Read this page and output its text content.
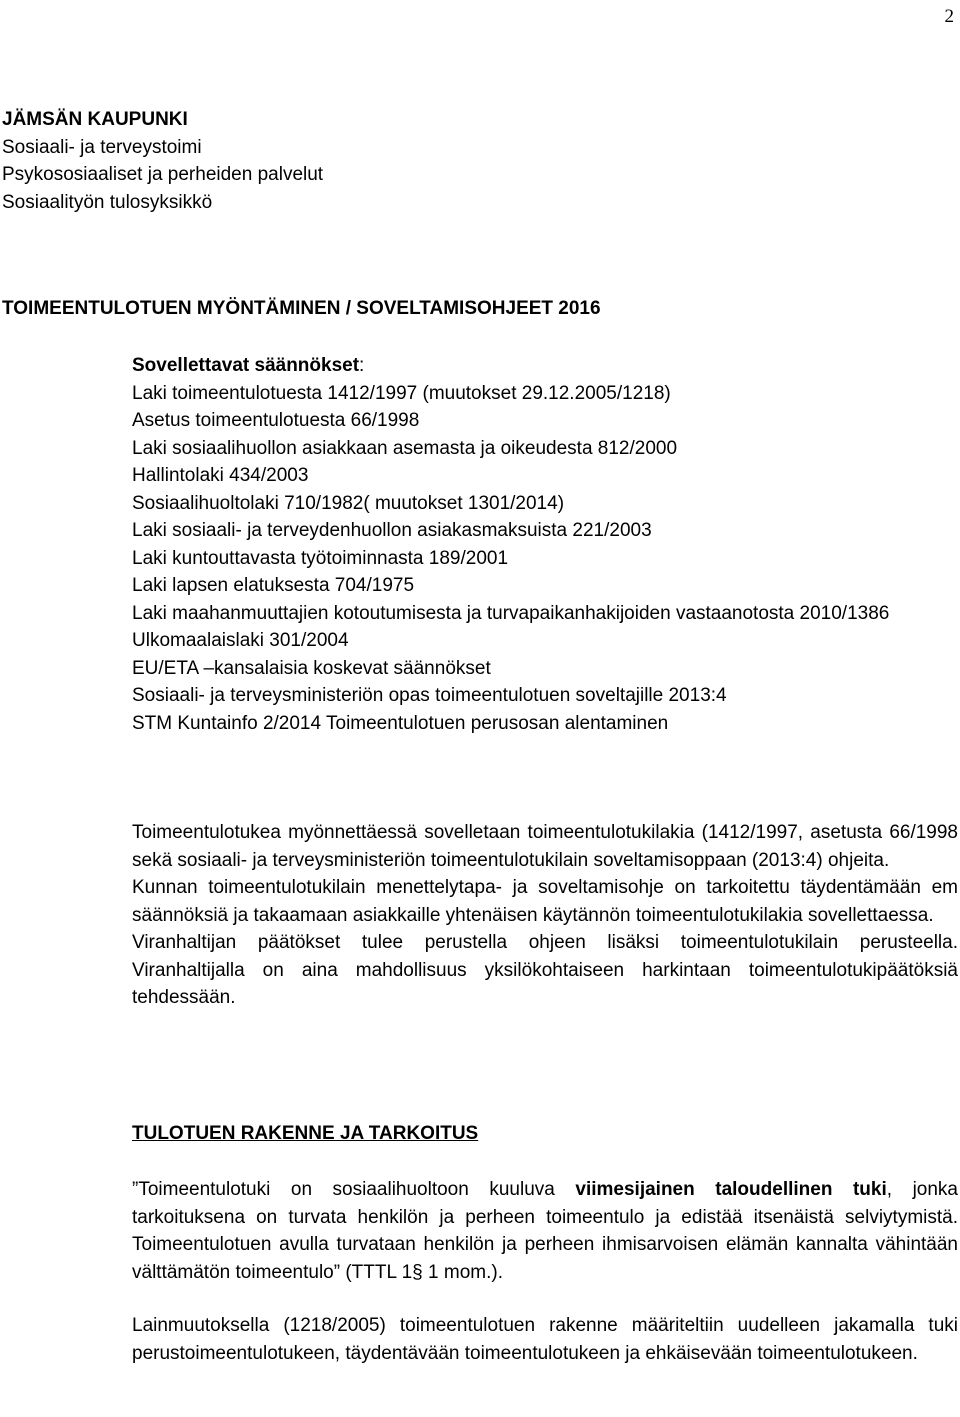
2
JÄMSÄN KAUPUNKI
Sosiaali- ja terveystoimi
Psykososiaaliset ja perheiden palvelut
Sosiaalityön tulosyksikkö
TOIMEENTULOTUEN MYÖNTÄMINEN / SOVELTAMISOHJEET 2016
Sovellettavat säännökset:
Laki toimeentulotuesta 1412/1997 (muutokset 29.12.2005/1218)
Asetus toimeentulotuesta 66/1998
Laki sosiaalihuollon asiakkaan asemasta ja oikeudesta 812/2000
Hallintolaki 434/2003
Sosiaalihuoltolaki 710/1982( muutokset 1301/2014)
Laki sosiaali- ja terveydenhuollon asiakasmaksuista 221/2003
Laki kuntouttavasta työtoiminnasta 189/2001
Laki lapsen elatuksesta 704/1975
Laki maahanmuuttajien kotoutumisesta ja turvapaikanhakijoiden vastaanotosta 2010/1386
Ulkomaalaislaki 301/2004
EU/ETA –kansalaisia koskevat säännökset
Sosiaali- ja terveysministeriön opas toimeentulotuen soveltajille 2013:4
STM Kuntainfo 2/2014 Toimeentulotuen perusosan alentaminen

Toimeentulotukea myönnettäessä sovelletaan toimeentulotukilakia (1412/1997, asetusta 66/1998 sekä sosiaali- ja terveysministeriön toimeentulotukilain soveltamisoppaan (2013:4) ohjeita.

Kunnan toimeentulotukilain menettelytapa- ja soveltamisohje on tarkoitettu täydentämään em säännöksiä ja takaamaan asiakkaille yhtenäisen käytännön toimeentulotukilakia sovellettaessa.

Viranhaltijan päätökset tulee perustella ohjeen lisäksi toimeentulotukilain perusteella. Viranhaltijalla on aina mahdollisuus yksilökohtaiseen harkintaan toimeentulotukipäätöksiä tehdessään.

TULOTUEN RAKENNE JA TARKOITUS

”Toimeentulotuki on sosiaalihuoltoon kuuluva viimesijainen taloudellinen tuki, jonka tarkoituksena on turvata henkilön ja perheen toimeentulo ja edistää itsenäistä selviytymistä. Toimeentulotuen avulla turvataan henkilön ja perheen ihmisarvoisen elämän kannalta vähintään välttämätön toimeentulo” (TTTL 1§ 1 mom.).

Lainmuutoksella (1218/2005) toimeentulotuen rakenne määriteltiin uudelleen jakamalla tuki perustoimeentulotukeen, täydentävään toimeentulotukeen ja ehkäisevään toimeentulotukeen.
